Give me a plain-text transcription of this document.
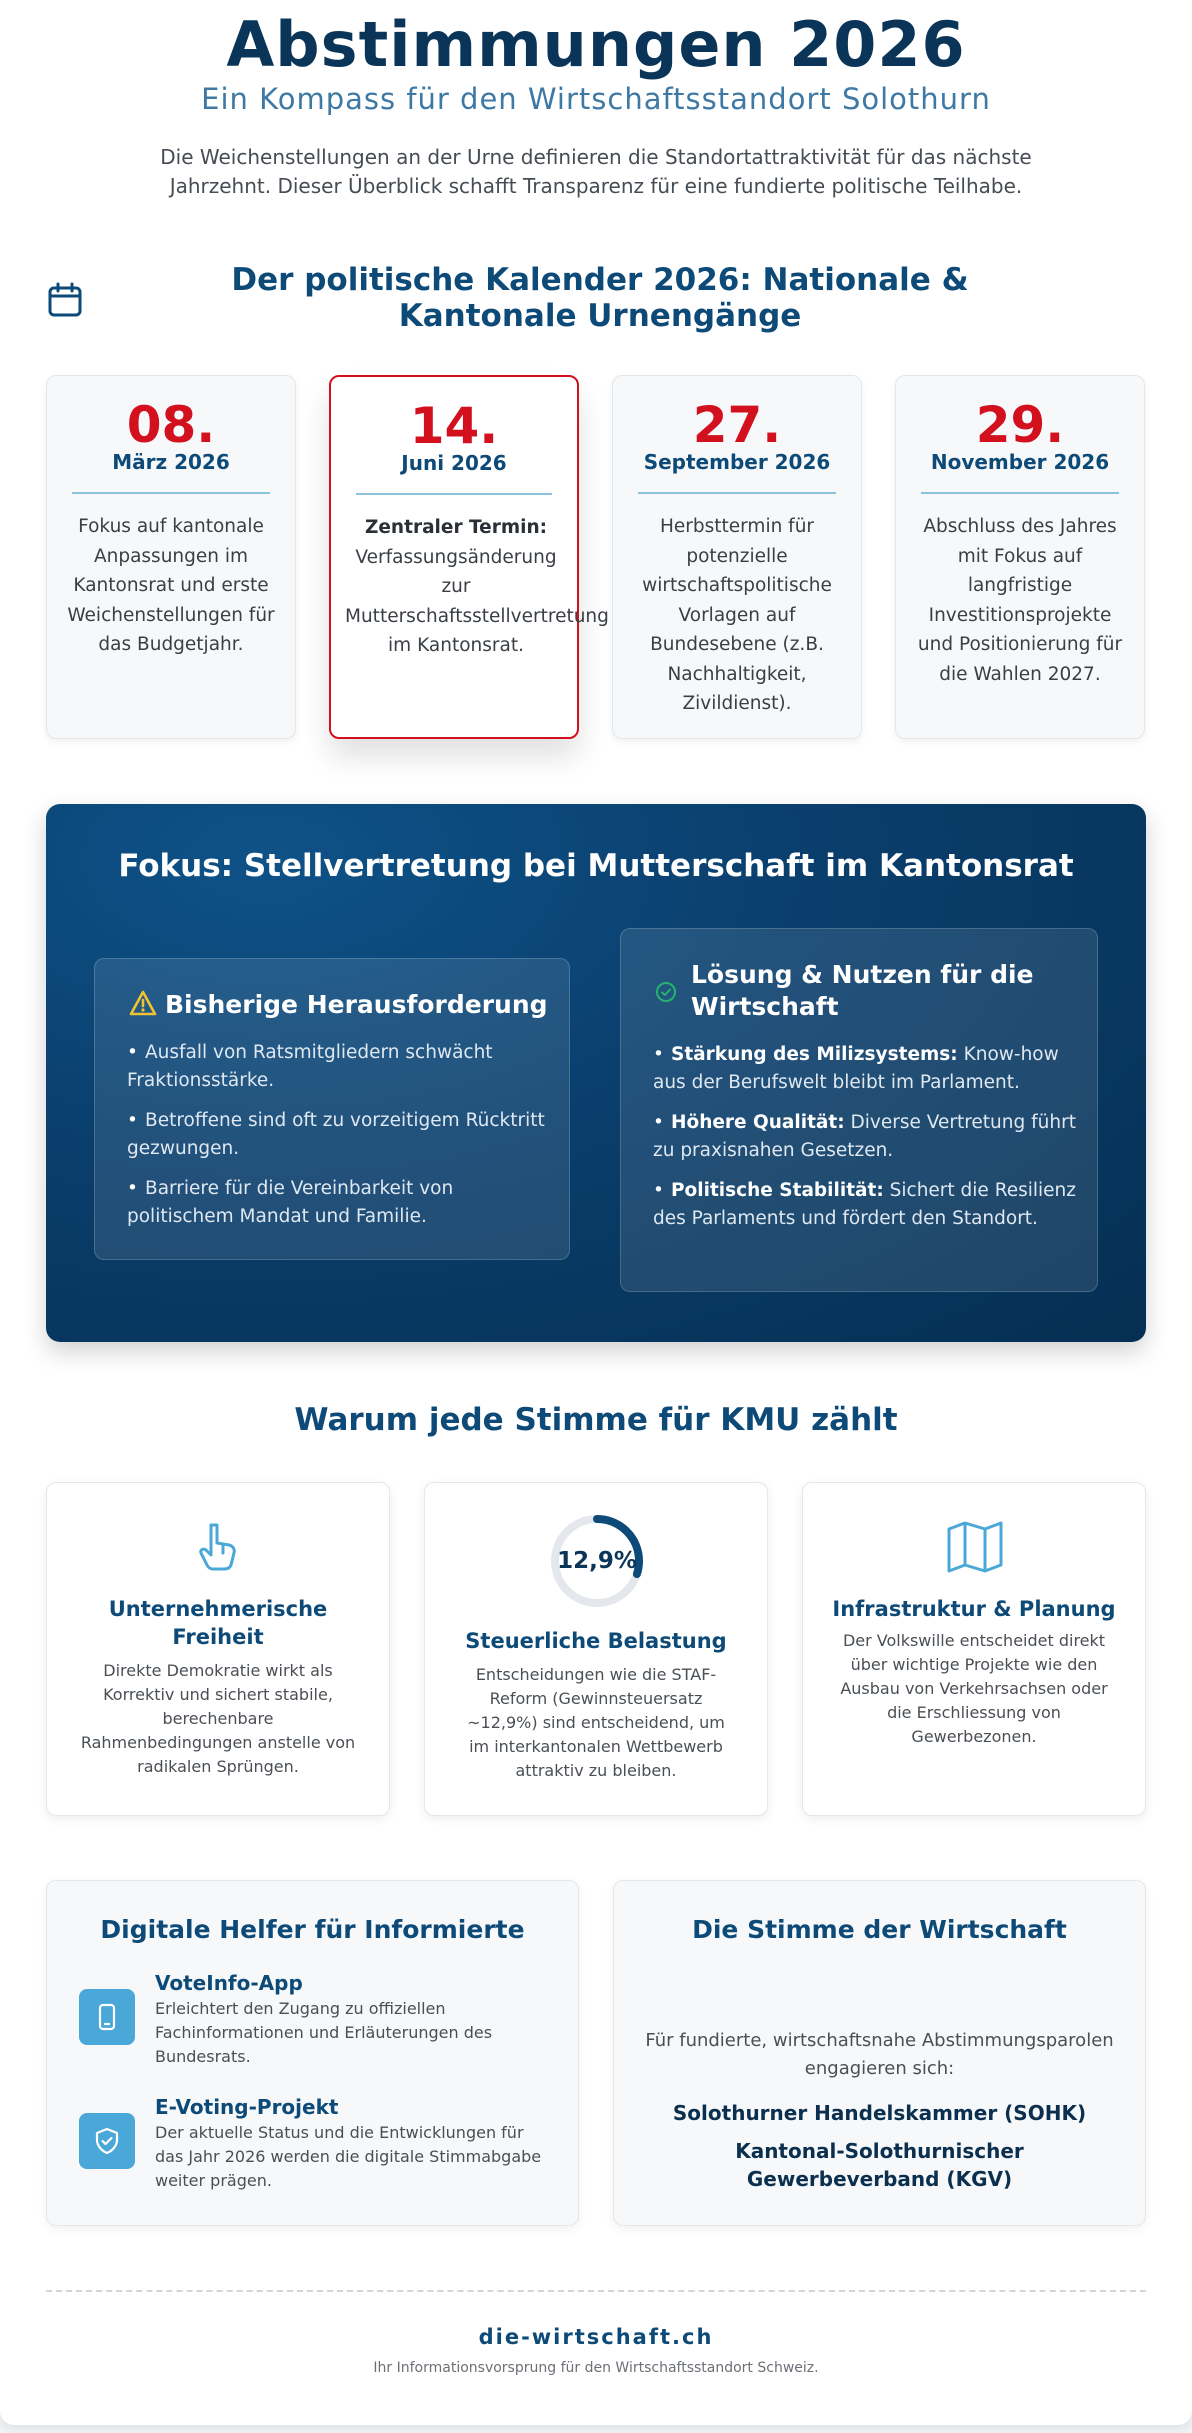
Abstimmungen 2026
Ein Kompass für den Wirtschaftsstandort Solothurn
Die Weichenstellungen an der Urne definieren die Standortattraktivität für das nächste Jahrzehnt. Dieser Überblick schafft Transparenz für eine fundierte politische Teilhabe.
Der politische Kalender 2026: Nationale & Kantonale Urnengänge
08.
März 2026
Fokus auf kantonale Anpassungen im Kantonsrat und erste Weichenstellungen für das Budgetjahr.
14.
Juni 2026
Zentraler Termin:
Verfassungsänderung zur Mutterschaftsstellvertretung im Kantonsrat.
27.
September 2026
Herbsttermin für potenzielle wirtschaftspolitische Vorlagen auf Bundesebene (z.B. Nachhaltigkeit, Zivildienst).
29.
November 2026
Abschluss des Jahres mit Fokus auf langfristige Investitionsprojekte und Positionierung für die Wahlen 2027.
Fokus: Stellvertretung bei Mutterschaft im Kantonsrat
Bisherige Herausforderung
• Ausfall von Ratsmitgliedern schwächt Fraktionsstärke.
• Betroffene sind oft zu vorzeitigem Rücktritt gezwungen.
• Barriere für die Vereinbarkeit von politischem Mandat und Familie.
Lösung & Nutzen für die Wirtschaft
• Stärkung des Milizsystems: Know-how aus der Berufswelt bleibt im Parlament.
• Höhere Qualität: Diverse Vertretung führt zu praxisnahen Gesetzen.
• Politische Stabilität: Sichert die Resilienz des Parlaments und fördert den Standort.
Warum jede Stimme für KMU zählt
Unternehmerische Freiheit
Direkte Demokratie wirkt als Korrektiv und sichert stabile, berechenbare Rahmenbedingungen anstelle von radikalen Sprüngen.
12,9%
Steuerliche Belastung
Entscheidungen wie die STAF-Reform (Gewinnsteuersatz ~12,9%) sind entscheidend, um im interkantonalen Wettbewerb attraktiv zu bleiben.
Infrastruktur & Planung
Der Volkswille entscheidet direkt über wichtige Projekte wie den Ausbau von Verkehrsachsen oder die Erschliessung von Gewerbezonen.
Digitale Helfer für Informierte
VoteInfo-App
Erleichtert den Zugang zu offiziellen Fachinformationen und Erläuterungen des Bundesrats.
E-Voting-Projekt
Der aktuelle Status und die Entwicklungen für das Jahr 2026 werden die digitale Stimmabgabe weiter prägen.
Die Stimme der Wirtschaft
Für fundierte, wirtschaftsnahe Abstimmungsparolen engagieren sich:
Solothurner Handelskammer (SOHK)
Kantonal-Solothurnischer Gewerbeverband (KGV)
die-wirtschaft.ch
Ihr Informationsvorsprung für den Wirtschaftsstandort Schweiz.
